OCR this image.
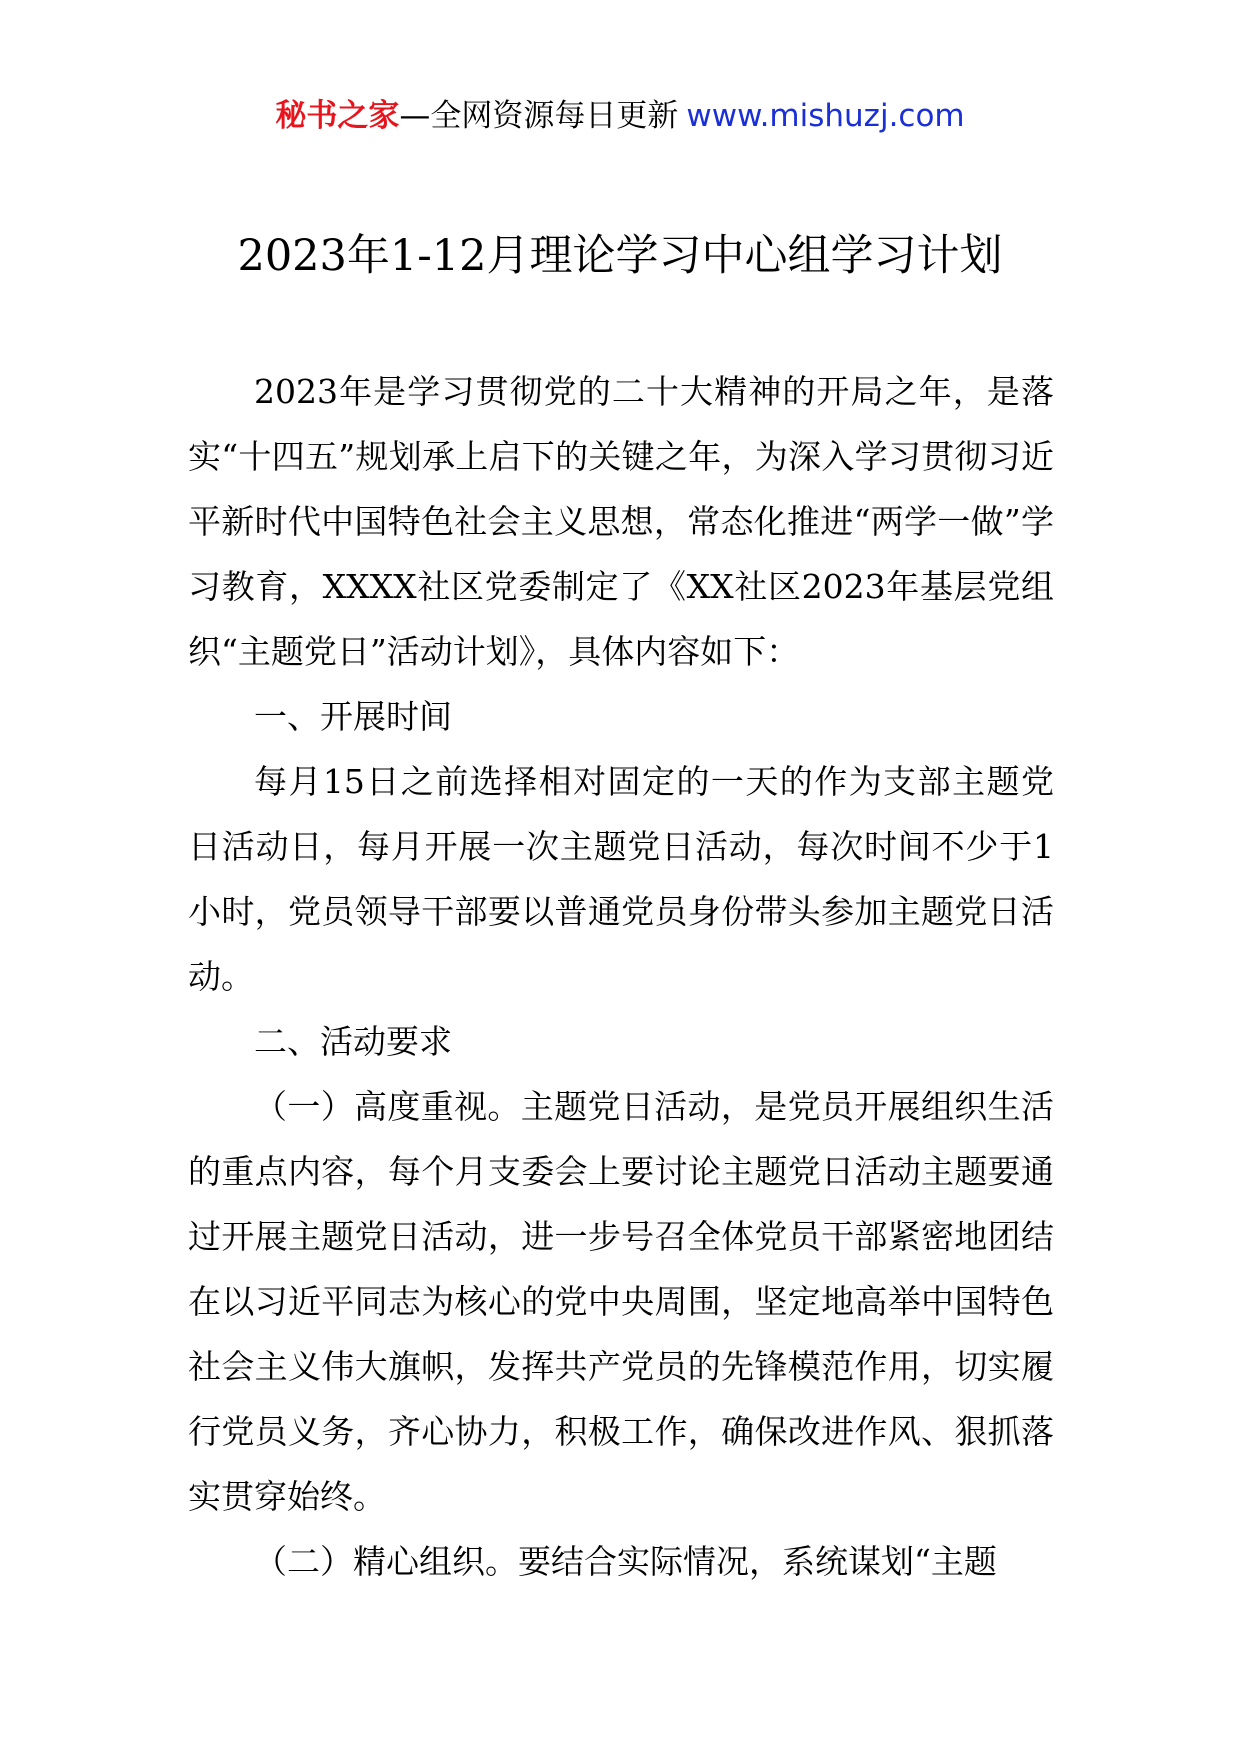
秘书之家—全网资源每日更新 www.mishuzj.com
2023年1-12月理论学习中心组学习计划

2023年是学习贯彻党的二十大精神的开局之年，是落实“十四五”规划承上启下的关键之年，为深入学习贯彻习近平新时代中国特色社会主义思想，常态化推进“两学一做”学习教育，XXXX社区党委制定了《XX社区2023年基层党组织“主题党日”活动计划》，具体内容如下：

一、开展时间

每月15日之前选择相对固定的一天的作为支部主题党日活动日，每月开展一次主题党日活动，每次时间不少于1小时，党员领导干部要以普通党员身份带头参加主题党日活动。

二、活动要求

（一）高度重视。主题党日活动，是党员开展组织生活的重点内容，每个月支委会上要讨论主题党日活动主题要通过开展主题党日活动，进一步号召全体党员干部紧密地团结在以习近平同志为核心的党中央周围，坚定地高举中国特色社会主义伟大旗帜，发挥共产党员的先锋模范作用，切实履行党员义务，齐心协力，积极工作，确保改进作风、狠抓落实贯穿始终。

（二）精心组织。要结合实际情况，系统谋划“主题
